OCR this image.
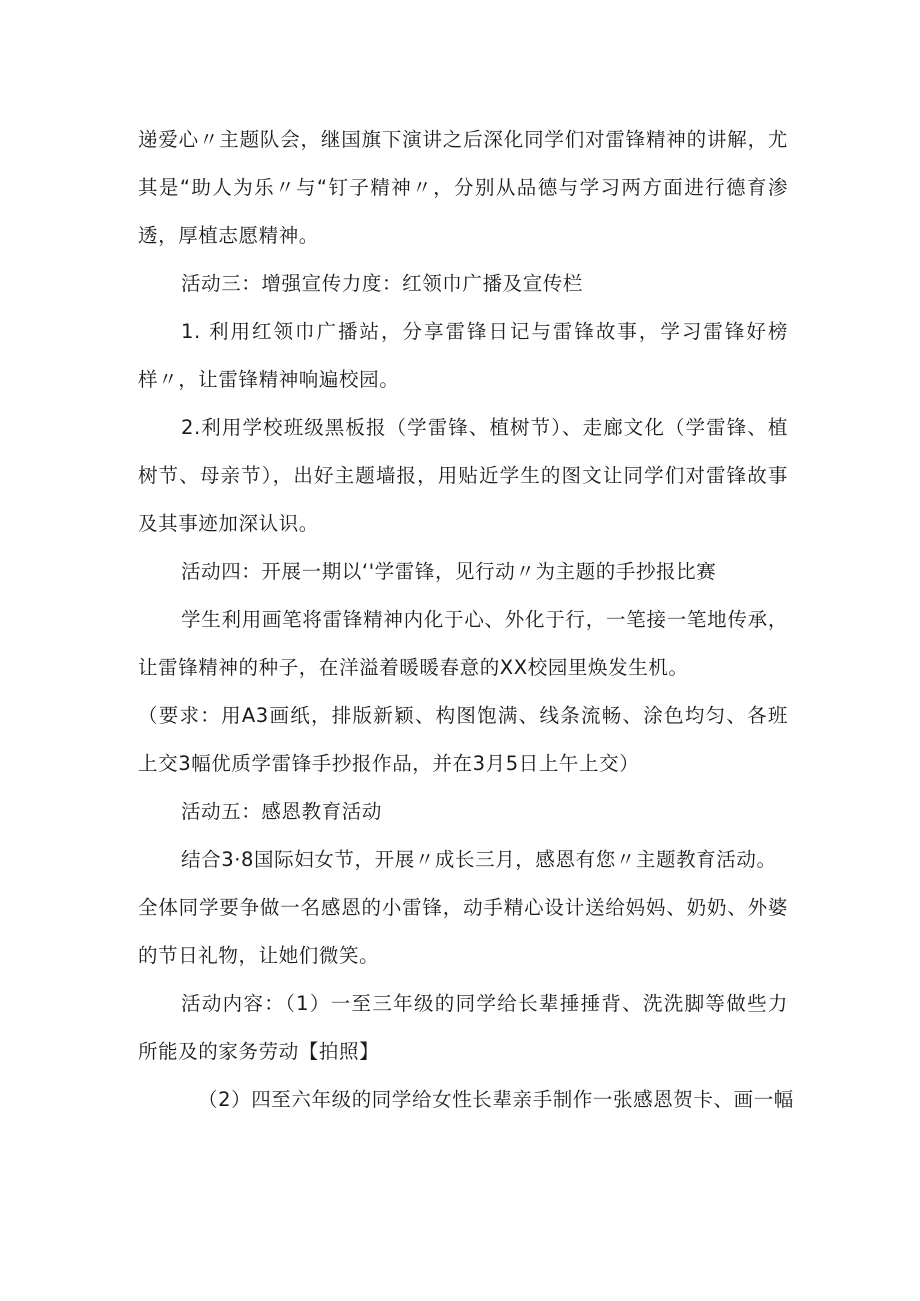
递爱心〃主题队会，继国旗下演讲之后深化同学们对雷锋精神的讲解，尤
其是“助人为乐〃与“钉子精神〃，分别从品德与学习两方面进行德育渗
透，厚植志愿精神。
活动三：增强宣传力度：红领巾广播及宣传栏
1. 利用红领巾广播站，分享雷锋日记与雷锋故事，学习雷锋好榜
样〃，让雷锋精神响遍校园。
2.利用学校班级黑板报（学雷锋、植树节）、走廊文化（学雷锋、植
树节、母亲节），出好主题墙报，用贴近学生的图文让同学们对雷锋故事
及其事迹加深认识。
活动四：开展一期以‘'学雷锋，见行动〃为主题的手抄报比赛
学生利用画笔将雷锋精神内化于心、外化于行，一笔接一笔地传承，
让雷锋精神的种子，在洋溢着暖暖春意的XX校园里焕发生机。
（要求：用A3画纸，排版新颖、构图饱满、线条流畅、涂色均匀、各班
上交3幅优质学雷锋手抄报作品，并在3月5日上午上交）
活动五：感恩教育活动
结合3·8国际妇女节，开展〃成长三月，感恩有您〃主题教育活动。
全体同学要争做一名感恩的小雷锋，动手精心设计送给妈妈、奶奶、外婆
的节日礼物，让她们微笑。
活动内容：（1）一至三年级的同学给长辈捶捶背、洗洗脚等做些力
所能及的家务劳动【拍照】
（2）四至六年级的同学给女性长辈亲手制作一张感恩贺卡、画一幅
